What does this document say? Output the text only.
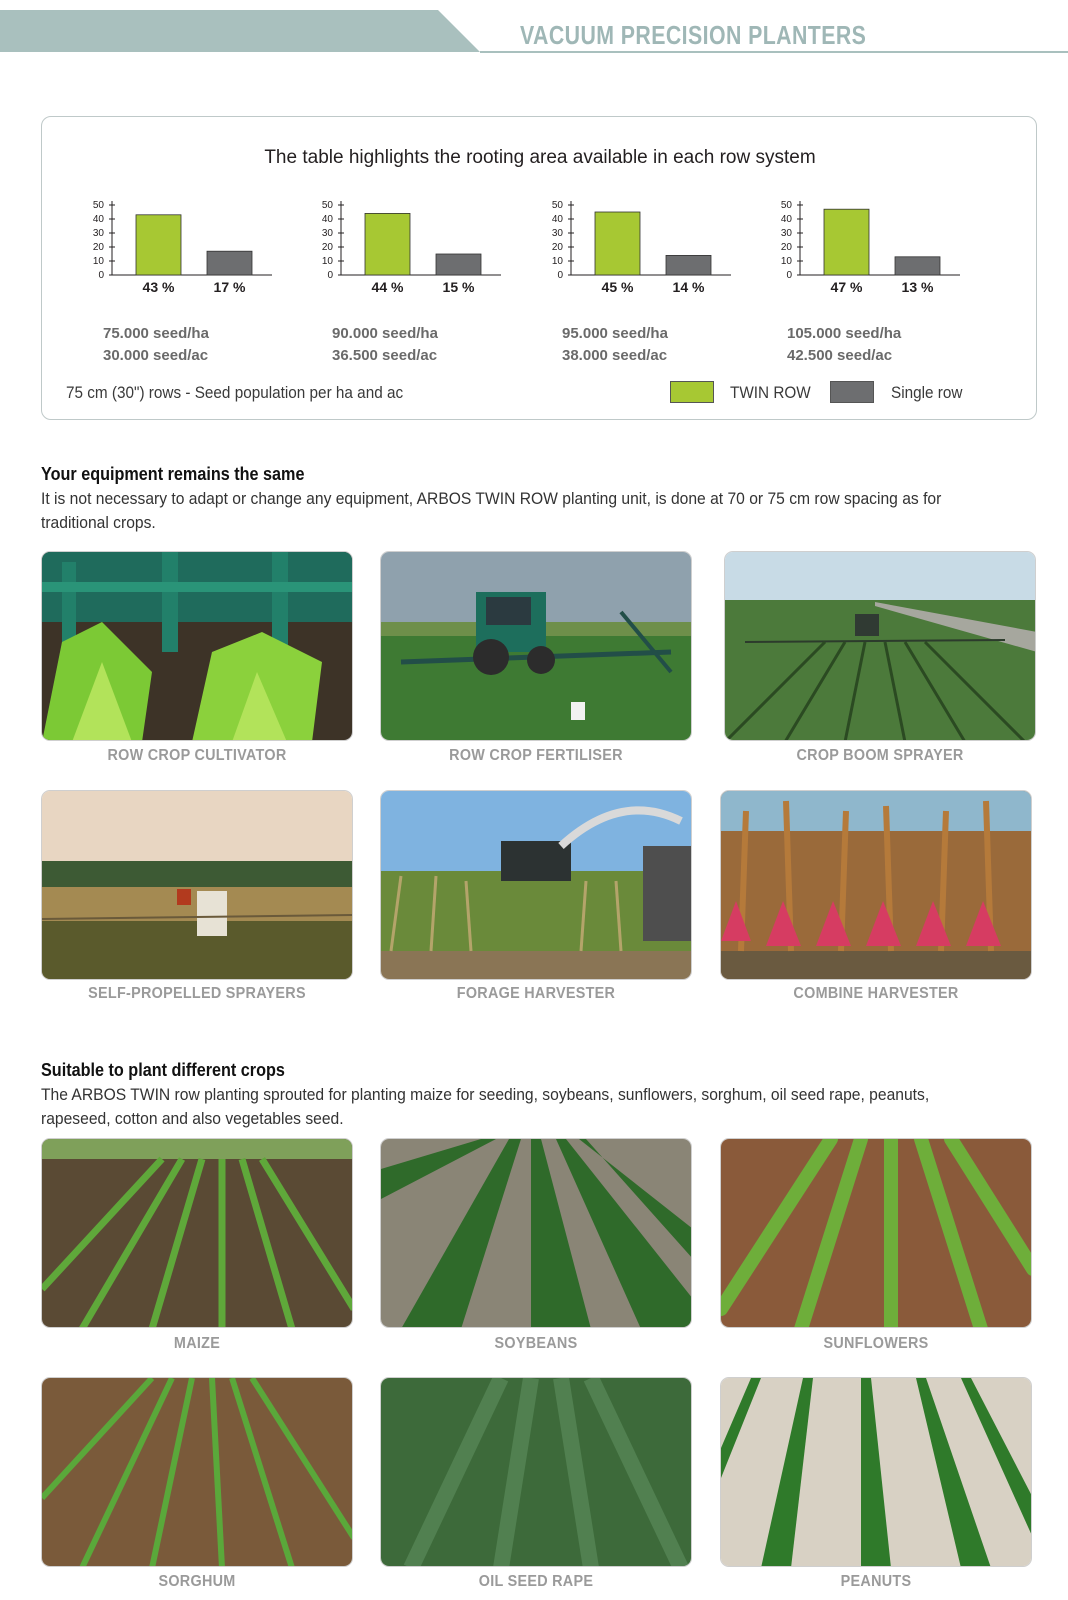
VACUUM PRECISION PLANTERS
The table highlights the rooting area available in each row system
50
40
30
20
10
0
43 %	17 %
50
40
30
20
10
0
44 %	15 %
50
40
30
20
10
0
45 %	14 %
50
40
30
20
10
0
47 %	13 %
75.000 seed/ha
30.000 seed/ac
90.000 seed/ha
36.500 seed/ac
95.000 seed/ha
38.000 seed/ac
105.000 seed/ha
42.500 seed/ac
75 cm (30") rows - Seed population per ha and ac	TWIN ROW	Single row
Your equipment remains the same
It is not necessary to adapt or change any equipment, ARBOS TWIN ROW planting unit, is done at 70 or 75 cm row spacing as for traditional crops.
ROW CROP CULTIVATOR	ROW CROP FERTILISER	CROP BOOM SPRAYER
SELF-PROPELLED SPRAYERS	FORAGE HARVESTER	COMBINE HARVESTER
Suitable to plant different crops
The ARBOS TWIN row planting sprouted for planting maize for seeding, soybeans, sunflowers, sorghum, oil seed rape, peanuts, rapeseed, cotton and also vegetables seed.
MAIZE	SOYBEANS	SUNFLOWERS
SORGHUM	OIL SEED RAPE	PEANUTS
